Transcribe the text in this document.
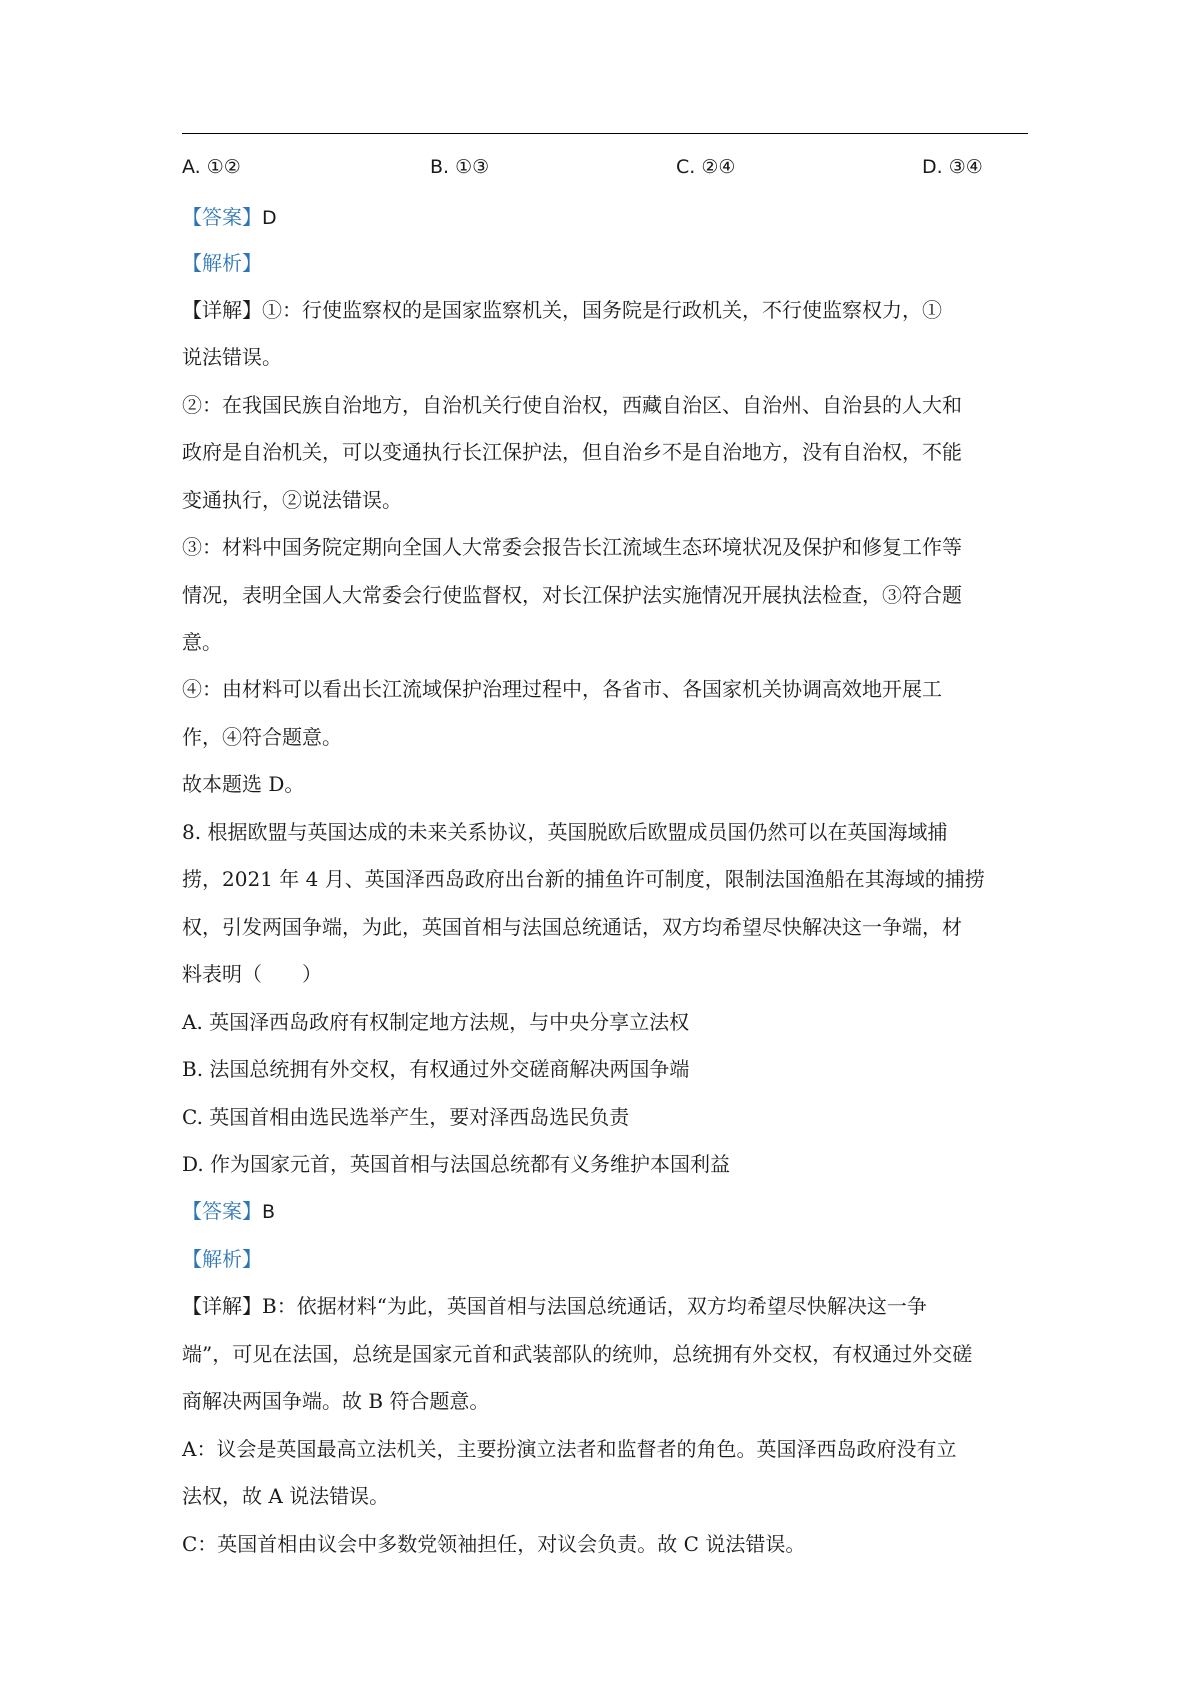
A. ①②	B. ①③	C. ②④	D. ③④
【答案】D
【解析】
【详解】①：行使监察权的是国家监察机关，国务院是行政机关，不行使监察权力，①
说法错误。
②：在我国民族自治地方，自治机关行使自治权，西藏自治区、自治州、自治县的人大和
政府是自治机关，可以变通执行长江保护法，但自治乡不是自治地方，没有自治权，不能
变通执行，②说法错误。
③：材料中国务院定期向全国人大常委会报告长江流域生态环境状况及保护和修复工作等
情况，表明全国人大常委会行使监督权，对长江保护法实施情况开展执法检查，③符合题
意。
④：由材料可以看出长江流域保护治理过程中，各省市、各国家机关协调高效地开展工
作，④符合题意。
故本题选 D。
8. 根据欧盟与英国达成的未来关系协议，英国脱欧后欧盟成员国仍然可以在英国海域捕
捞，2021 年 4 月、英国泽西岛政府出台新的捕鱼许可制度，限制法国渔船在其海域的捕捞
权，引发两国争端，为此，英国首相与法国总统通话，双方均希望尽快解决这一争端，材
料表明（　　）
A. 英国泽西岛政府有权制定地方法规，与中央分享立法权
B. 法国总统拥有外交权，有权通过外交磋商解决两国争端
C. 英国首相由选民选举产生，要对泽西岛选民负责
D. 作为国家元首，英国首相与法国总统都有义务维护本国利益
【答案】B
【解析】
【详解】B：依据材料“为此，英国首相与法国总统通话，双方均希望尽快解决这一争
端”，可见在法国，总统是国家元首和武装部队的统帅，总统拥有外交权，有权通过外交磋
商解决两国争端。故 B 符合题意。
A：议会是英国最高立法机关，主要扮演立法者和监督者的角色。英国泽西岛政府没有立
法权，故 A 说法错误。
C：英国首相由议会中多数党领袖担任，对议会负责。故 C 说法错误。
